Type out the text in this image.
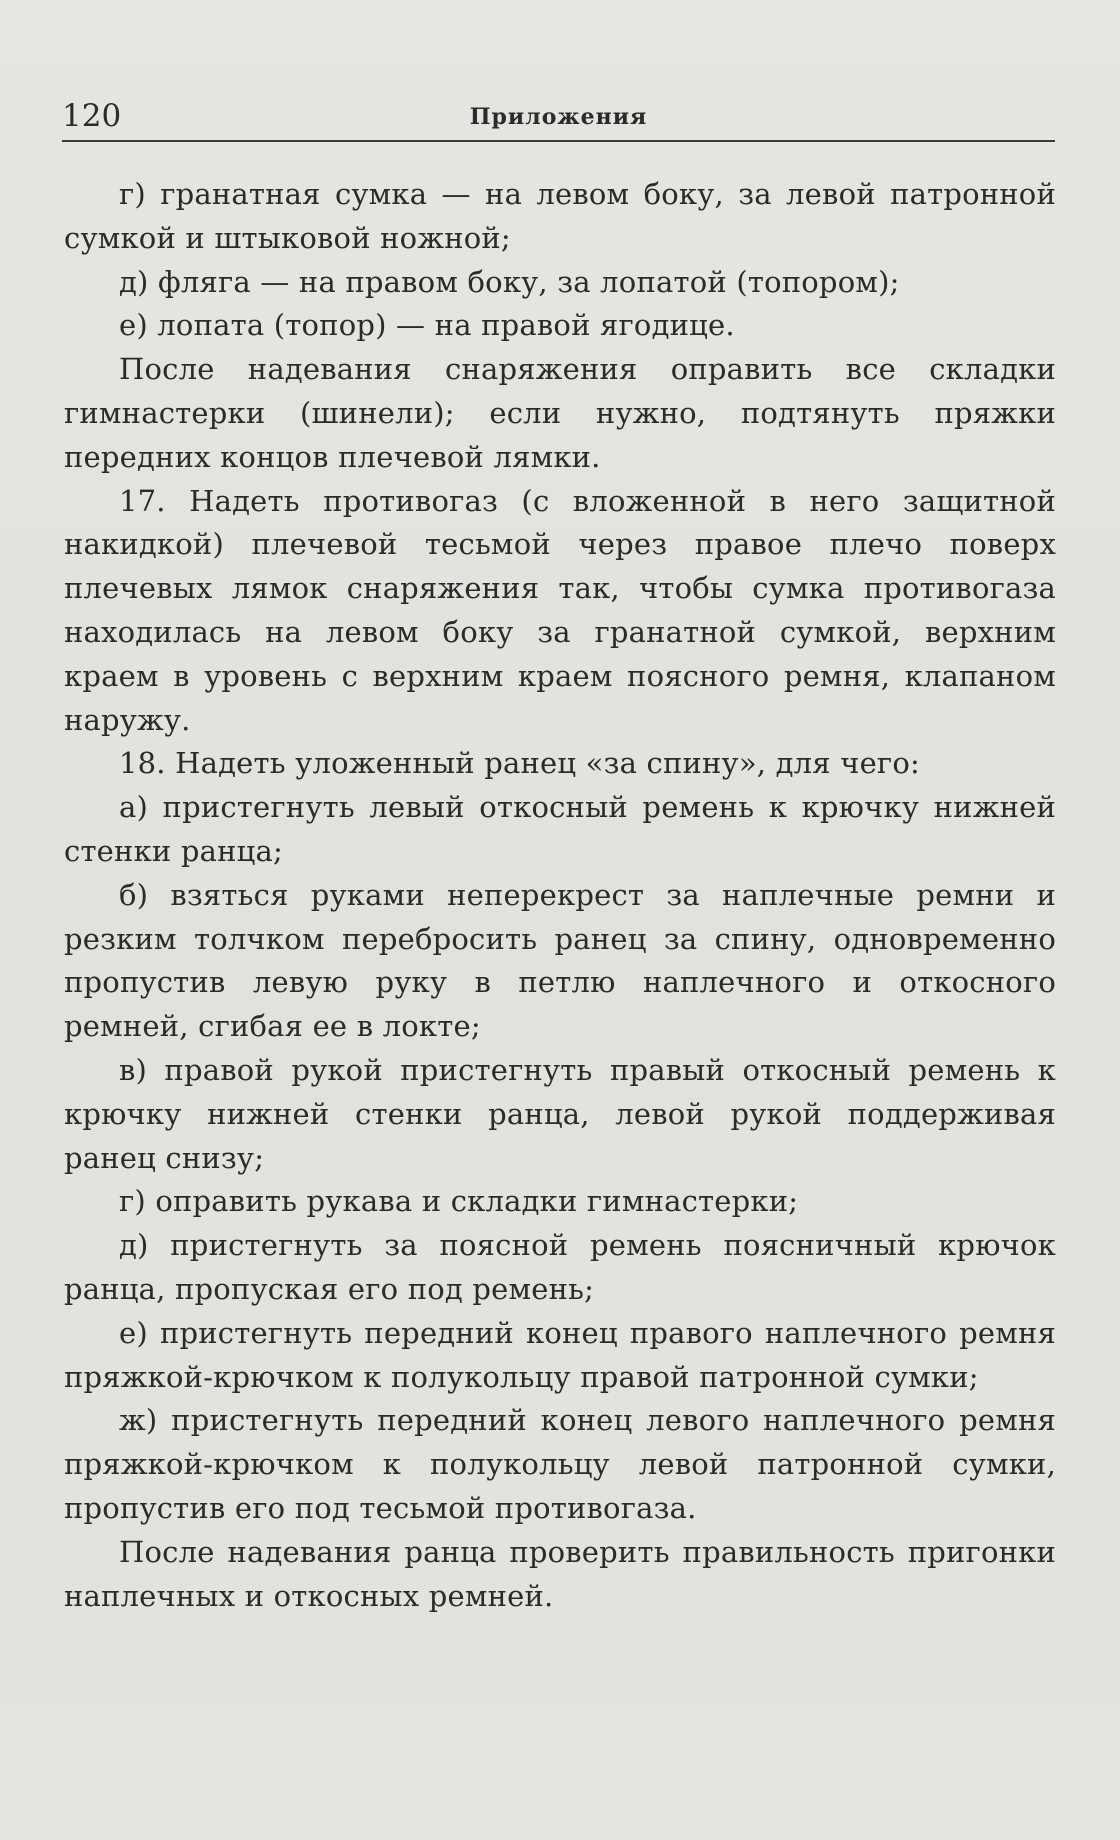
120	Приложения

г) гранатная сумка — на левом боку, за левой патронной сумкой и штыковой ножной;

д) фляга — на правом боку, за лопатой (топором);

е) лопата (топор) — на правой ягодице.

После надевания снаряжения оправить все складки гимнастерки (шинели); если нужно, подтянуть пряжки передних концов плечевой лямки.

17. Надеть противогаз (с вложенной в него защитной накидкой) плечевой тесьмой через правое плечо поверх плечевых лямок снаряжения так, чтобы сумка противогаза находилась на левом боку за гранатной сумкой, верхним краем в уровень с верхним краем поясного ремня, клапаном наружу.

18. Надеть уложенный ранец «за спину», для чего:

а) пристегнуть левый откосный ремень к крючку нижней стенки ранца;

б) взяться руками неперекрест за наплечные ремни и резким толчком перебросить ранец за спину, одновременно пропустив левую руку в петлю наплечного и откосного ремней, сгибая ее в локте;

в) правой рукой пристегнуть правый откосный ремень к крючку нижней стенки ранца, левой рукой поддерживая ранец снизу;

г) оправить рукава и складки гимнастерки;

д) пристегнуть за поясной ремень поясничный крючок ранца, пропуская его под ремень;

е) пристегнуть передний конец правого наплечного ремня пряжкой-крючком к полукольцу правой патронной сумки;

ж) пристегнуть передний конец левого наплечного ремня пряжкой-крючком к полукольцу левой патронной сумки, пропустив его под тесьмой противогаза.

После надевания ранца проверить правильность пригонки наплечных и откосных ремней.
